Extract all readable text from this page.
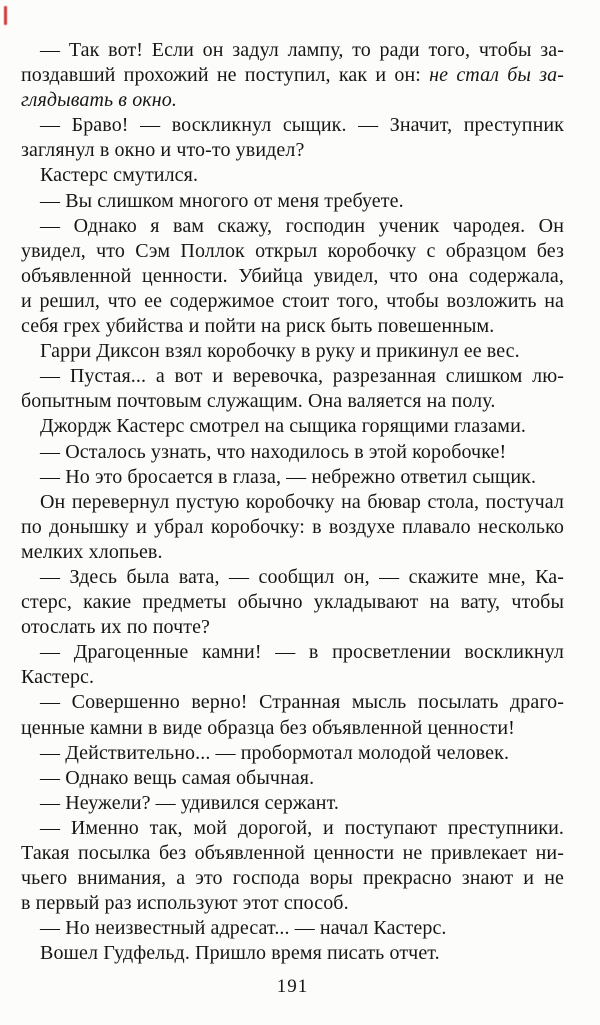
— Так вот! Если он задул лампу, то ради того, чтобы за-
поздавший прохожий не поступил, как и он: не стал бы за-
глядывать в окно.
— Браво! — воскликнул сыщик. — Значит, преступник
заглянул в окно и что-то увидел?
Кастерс смутился.
— Вы слишком многого от меня требуете.
— Однако я вам скажу, господин ученик чародея. Он
увидел, что Сэм Поллок открыл коробочку с образцом без
объявленной ценности. Убийца увидел, что она содержала,
и решил, что ее содержимое стоит того, чтобы возложить на
себя грех убийства и пойти на риск быть повешенным.
Гарри Диксон взял коробочку в руку и прикинул ее вес.
— Пустая... а вот и веревочка, разрезанная слишком лю-
бопытным почтовым служащим. Она валяется на полу.
Джордж Кастерс смотрел на сыщика горящими глазами.
— Осталось узнать, что находилось в этой коробочке!
— Но это бросается в глаза, — небрежно ответил сыщик.
Он перевернул пустую коробочку на бювар стола, постучал
по донышку и убрал коробочку: в воздухе плавало несколько
мелких хлопьев.
— Здесь была вата, — сообщил он, — скажите мне, Ка-
стерс, какие предметы обычно укладывают на вату, чтобы
отослать их по почте?
— Драгоценные камни! — в просветлении воскликнул
Кастерс.
— Совершенно верно! Странная мысль посылать драго-
ценные камни в виде образца без объявленной ценности!
— Действительно... — пробормотал молодой человек.
— Однако вещь самая обычная.
— Неужели? — удивился сержант.
— Именно так, мой дорогой, и поступают преступники.
Такая посылка без объявленной ценности не привлекает ни-
чьего внимания, а это господа воры прекрасно знают и не
в первый раз используют этот способ.
— Но неизвестный адресат... — начал Кастерс.
Вошел Гудфельд. Пришло время писать отчет.
191
